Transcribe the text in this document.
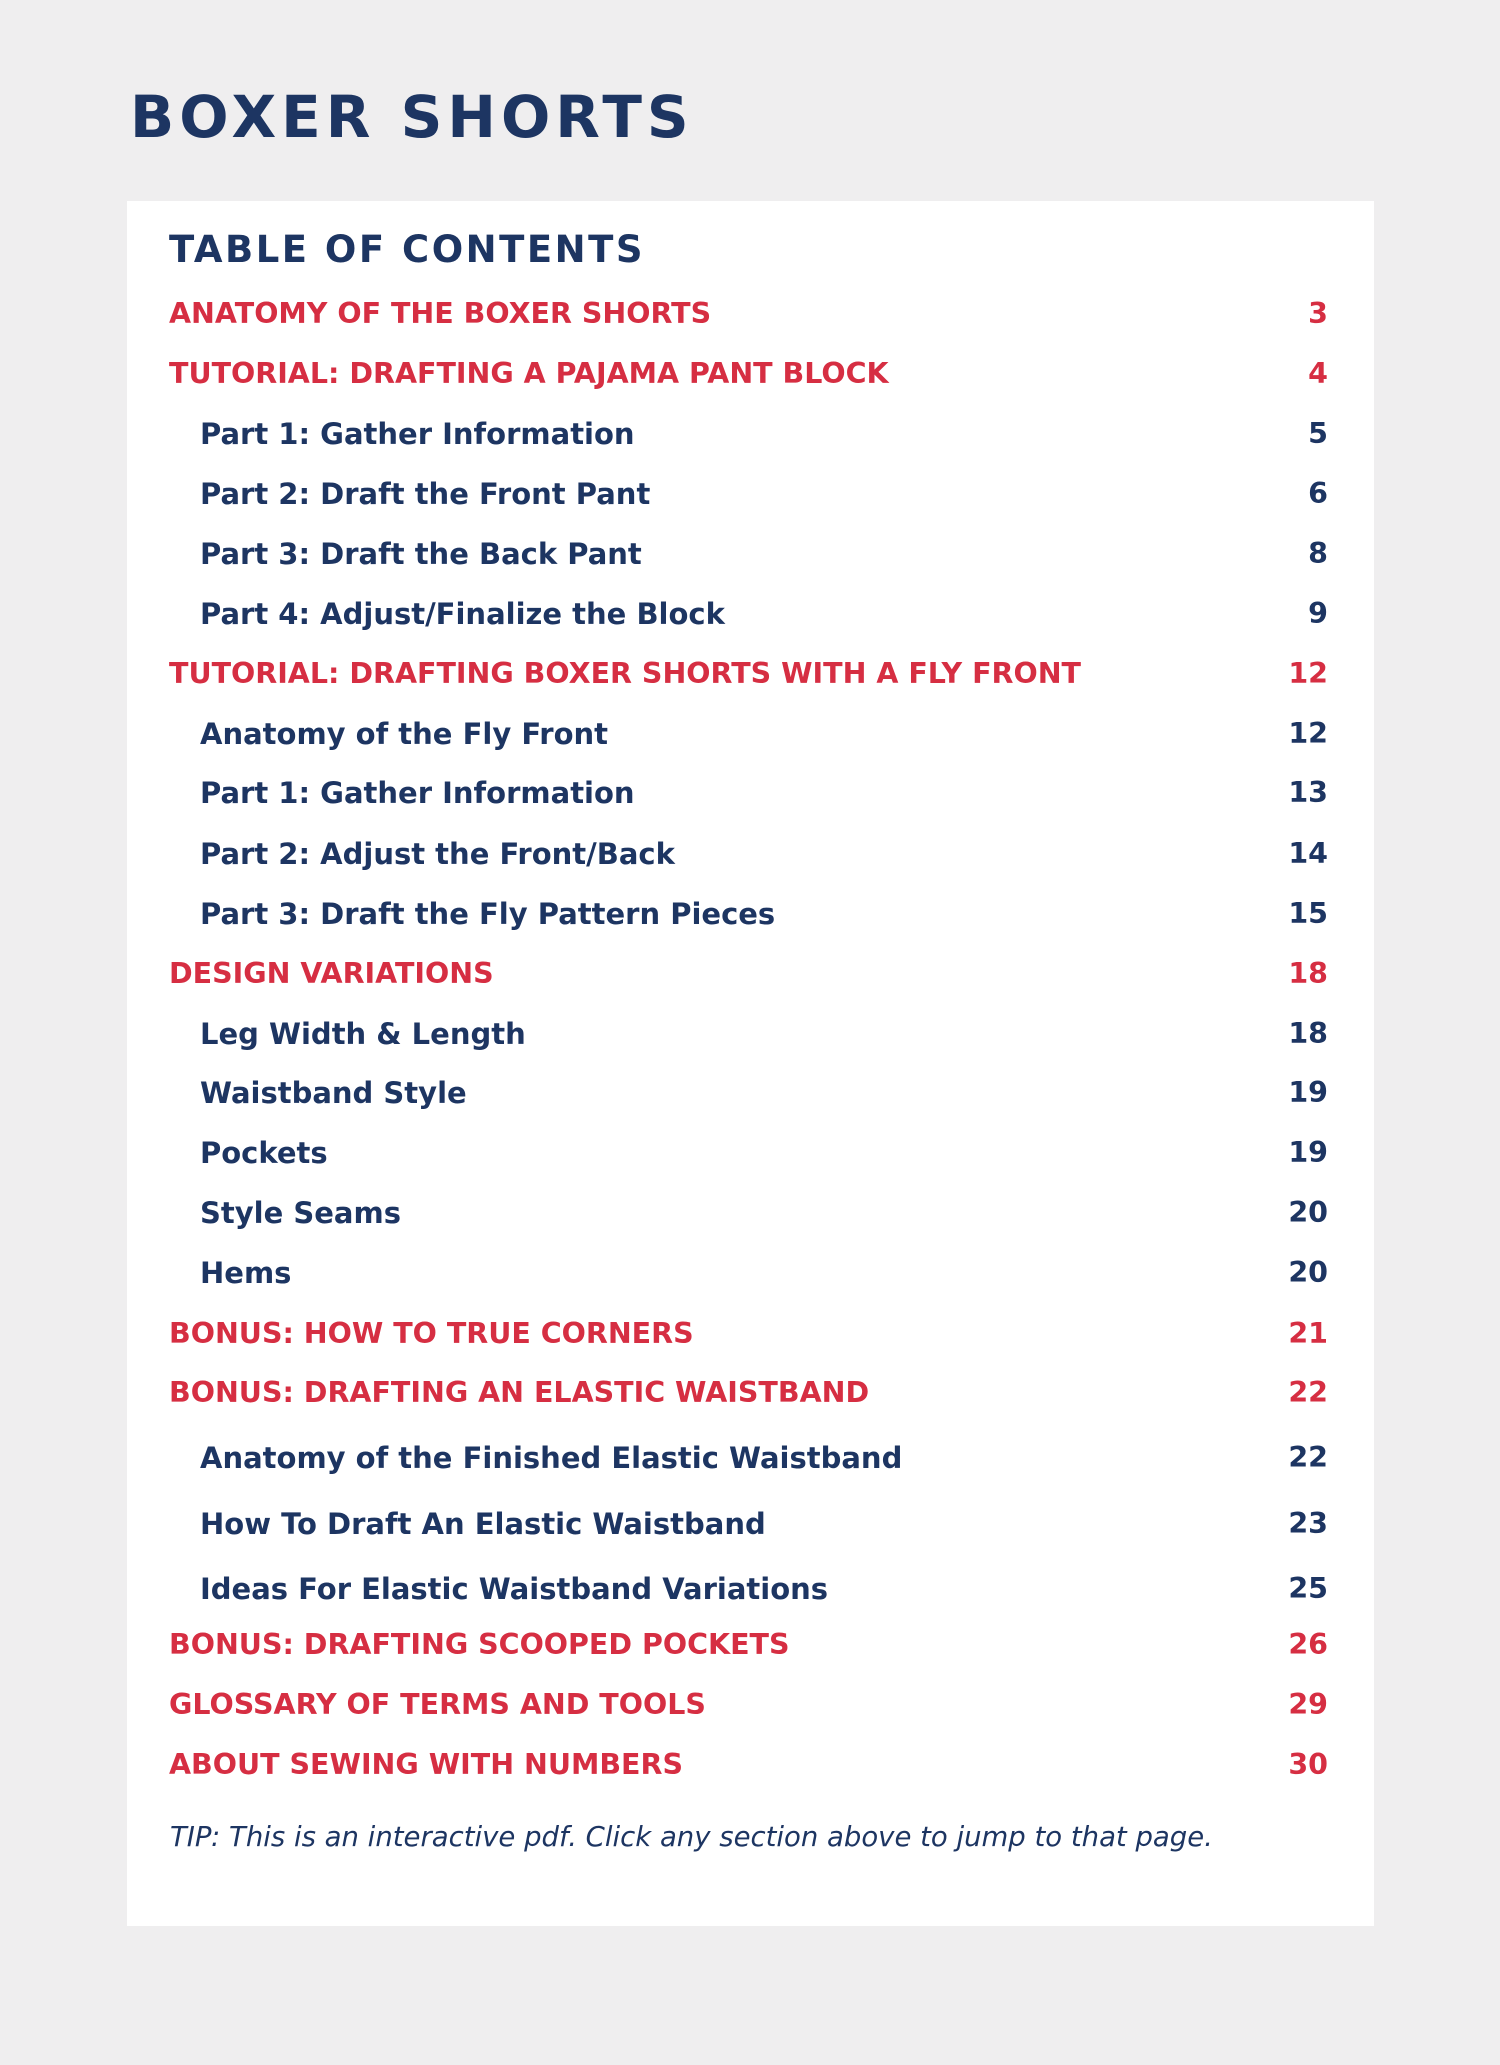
BOXER SHORTS
TABLE OF CONTENTS
ANATOMY OF THE BOXER SHORTS	3
TUTORIAL: DRAFTING A PAJAMA PANT BLOCK	4
Part 1: Gather Information	5
Part 2: Draft the Front Pant	6
Part 3: Draft the Back Pant	8
Part 4: Adjust/Finalize the Block	9
TUTORIAL: DRAFTING BOXER SHORTS WITH A FLY FRONT	12
Anatomy of the Fly Front	12
Part 1: Gather Information	13
Part 2: Adjust the Front/Back	14
Part 3: Draft the Fly Pattern Pieces	15
DESIGN VARIATIONS	18
Leg Width & Length	18
Waistband Style	19
Pockets	19
Style Seams	20
Hems	20
BONUS: HOW TO TRUE CORNERS	21
BONUS: DRAFTING AN ELASTIC WAISTBAND	22
Anatomy of the Finished Elastic Waistband	22
How To Draft An Elastic Waistband	23
Ideas For Elastic Waistband Variations	25
BONUS: DRAFTING SCOOPED POCKETS	26
GLOSSARY OF TERMS AND TOOLS	29
ABOUT SEWING WITH NUMBERS	30

TIP: This is an interactive pdf. Click any section above to jump to that page.
